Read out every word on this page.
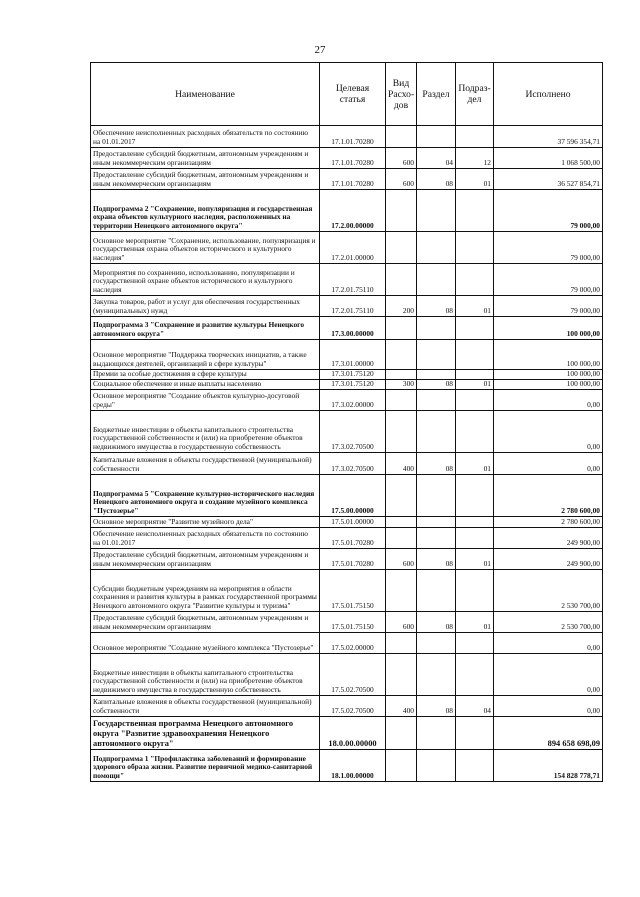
27
Наименование	Целевая статья	Вид Расхо- дов	Раздел	Подраз- дел	Исполнено
Обеспечение неисполненных расходных обязательств по состоянию на 01.01.2017	17.1.01.70280				37 596 354,71
Предоставление субсидий бюджетным, автономным учреждениям и иным некоммерческим организациям	17.1.01.70280	600	04	12	1 068 500,00
Предоставление субсидий бюджетным, автономным учреждениям и иным некоммерческим организациям	17.1.01.70280	600	08	01	36 527 854,71
Подпрограмма 2 "Сохранение, популяризация и государственная охрана объектов культурного наследия, расположенных на территории Ненецкого автономного округа"	17.2.00.00000				79 000,00
Основное мероприятие "Сохранение, использование, популяризация и государственная охрана объектов исторического и культурного наследия"	17.2.01.00000				79 000,00
Мероприятия по сохранению, использованию, популяризации и государственной охране объектов исторического и культурного наследия	17.2.01.75110				79 000,00
Закупка товаров, работ и услуг для обеспечения государственных (муниципальных) нужд	17.2.01.75110	200	08	01	79 000,00
Подпрограмма 3 "Сохранение и развитие культуры Ненецкого автономного округа"	17.3.00.00000				100 000,00
Основное мероприятие "Поддержка творческих инициатив, а также выдающихся деятелей, организаций в сфере культуры"	17.3.01.00000				100 000,00
Премии за особые достижения в сфере культуры	17.3.01.75120				100 000,00
Социальное обеспечение и иные выплаты населению	17.3.01.75120	300	08	01	100 000,00
Основное мероприятие "Создание объектов культурно-досуговой среды"	17.3.02.00000				0,00
Бюджетные инвестиции в объекты капитального строительства государственной собственности и (или) на приобретение объектов недвижимого имущества в государственную собственность	17.3.02.70500				0,00
Капитальные вложения в объекты государственной (муниципальной) собственности	17.3.02.70500	400	08	01	0,00
Подпрограмма 5 "Сохранение культурно-исторического наследия Ненецкого автономного округа и создание музейного комплекса "Пустозерье"	17.5.00.00000				2 780 600,00
Основное мероприятие "Развитие музейного дела"	17.5.01.00000				2 780 600,00
Обеспечение неисполненных расходных обязательств по состоянию на 01.01.2017	17.5.01.70280				249 900,00
Предоставление субсидий бюджетным, автономным учреждениям и иным некоммерческим организациям	17.5.01.70280	600	08	01	249 900,00
Субсидии бюджетным учреждениям на мероприятия в области сохранения и развития культуры в рамках государственной программы Ненецкого автономного округа "Развитие культуры и туризма"	17.5.01.75150				2 530 700,00
Предоставление субсидий бюджетным, автономным учреждениям и иным некоммерческим организациям	17.5.01.75150	600	08	01	2 530 700,00
Основное мероприятие "Создание музейного комплекса "Пустозерье"	17.5.02.00000				0,00
Бюджетные инвестиции в объекты капитального строительства государственной собственности и (или) на приобретение объектов недвижимого имущества в государственную собственность	17.5.02.70500				0,00
Капитальные вложения в объекты государственной (муниципальной) собственности	17.5.02.70500	400	08	04	0,00
Государственная программа Ненецкого автономного округа "Развитие здравоохранения Ненецкого автономного округа"	18.0.00.00000				894 658 698,09
Подпрограмма 1 "Профилактика заболеваний и формирование здорового образа жизни. Развитие первичной медико-санитарной помощи"	18.1.00.00000				154 828 778,71
